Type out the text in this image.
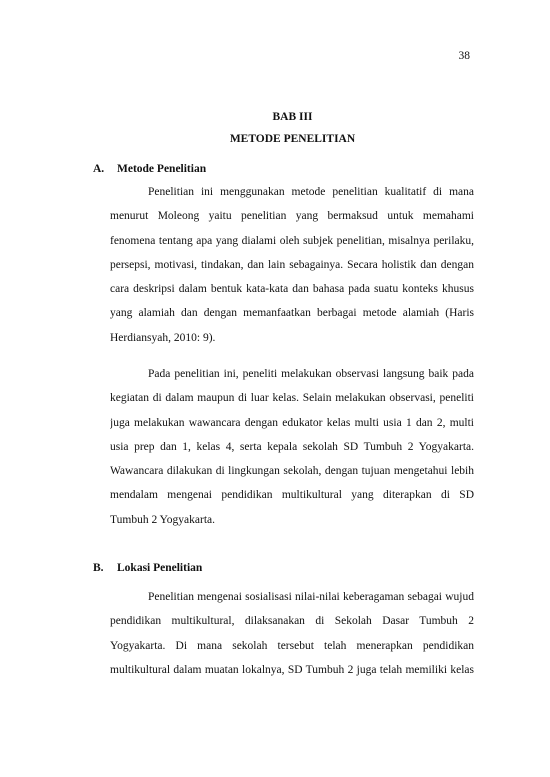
38
BAB III
METODE PENELITIAN
A. Metode Penelitian
Penelitian ini menggunakan metode penelitian kualitatif di mana
menurut Moleong yaitu penelitian yang bermaksud untuk memahami
fenomena tentang apa yang dialami oleh subjek penelitian, misalnya perilaku,
persepsi, motivasi, tindakan, dan lain sebagainya. Secara holistik dan dengan
cara deskripsi dalam bentuk kata-kata dan bahasa pada suatu konteks khusus
yang alamiah dan dengan memanfaatkan berbagai metode alamiah (Haris
Herdiansyah, 2010: 9).
Pada penelitian ini, peneliti melakukan observasi langsung baik pada
kegiatan di dalam maupun di luar kelas. Selain melakukan observasi, peneliti
juga melakukan wawancara dengan edukator kelas multi usia 1 dan 2, multi
usia prep dan 1, kelas 4, serta kepala sekolah SD Tumbuh 2 Yogyakarta.
Wawancara dilakukan di lingkungan sekolah, dengan tujuan mengetahui lebih
mendalam mengenai pendidikan multikultural yang diterapkan di SD
Tumbuh 2 Yogyakarta.
B. Lokasi Penelitian
Penelitian mengenai sosialisasi nilai-nilai keberagaman sebagai wujud
pendidikan multikultural, dilaksanakan di Sekolah Dasar Tumbuh 2
Yogyakarta. Di mana sekolah tersebut telah menerapkan pendidikan
multikultural dalam muatan lokalnya, SD Tumbuh 2 juga telah memiliki kelas
